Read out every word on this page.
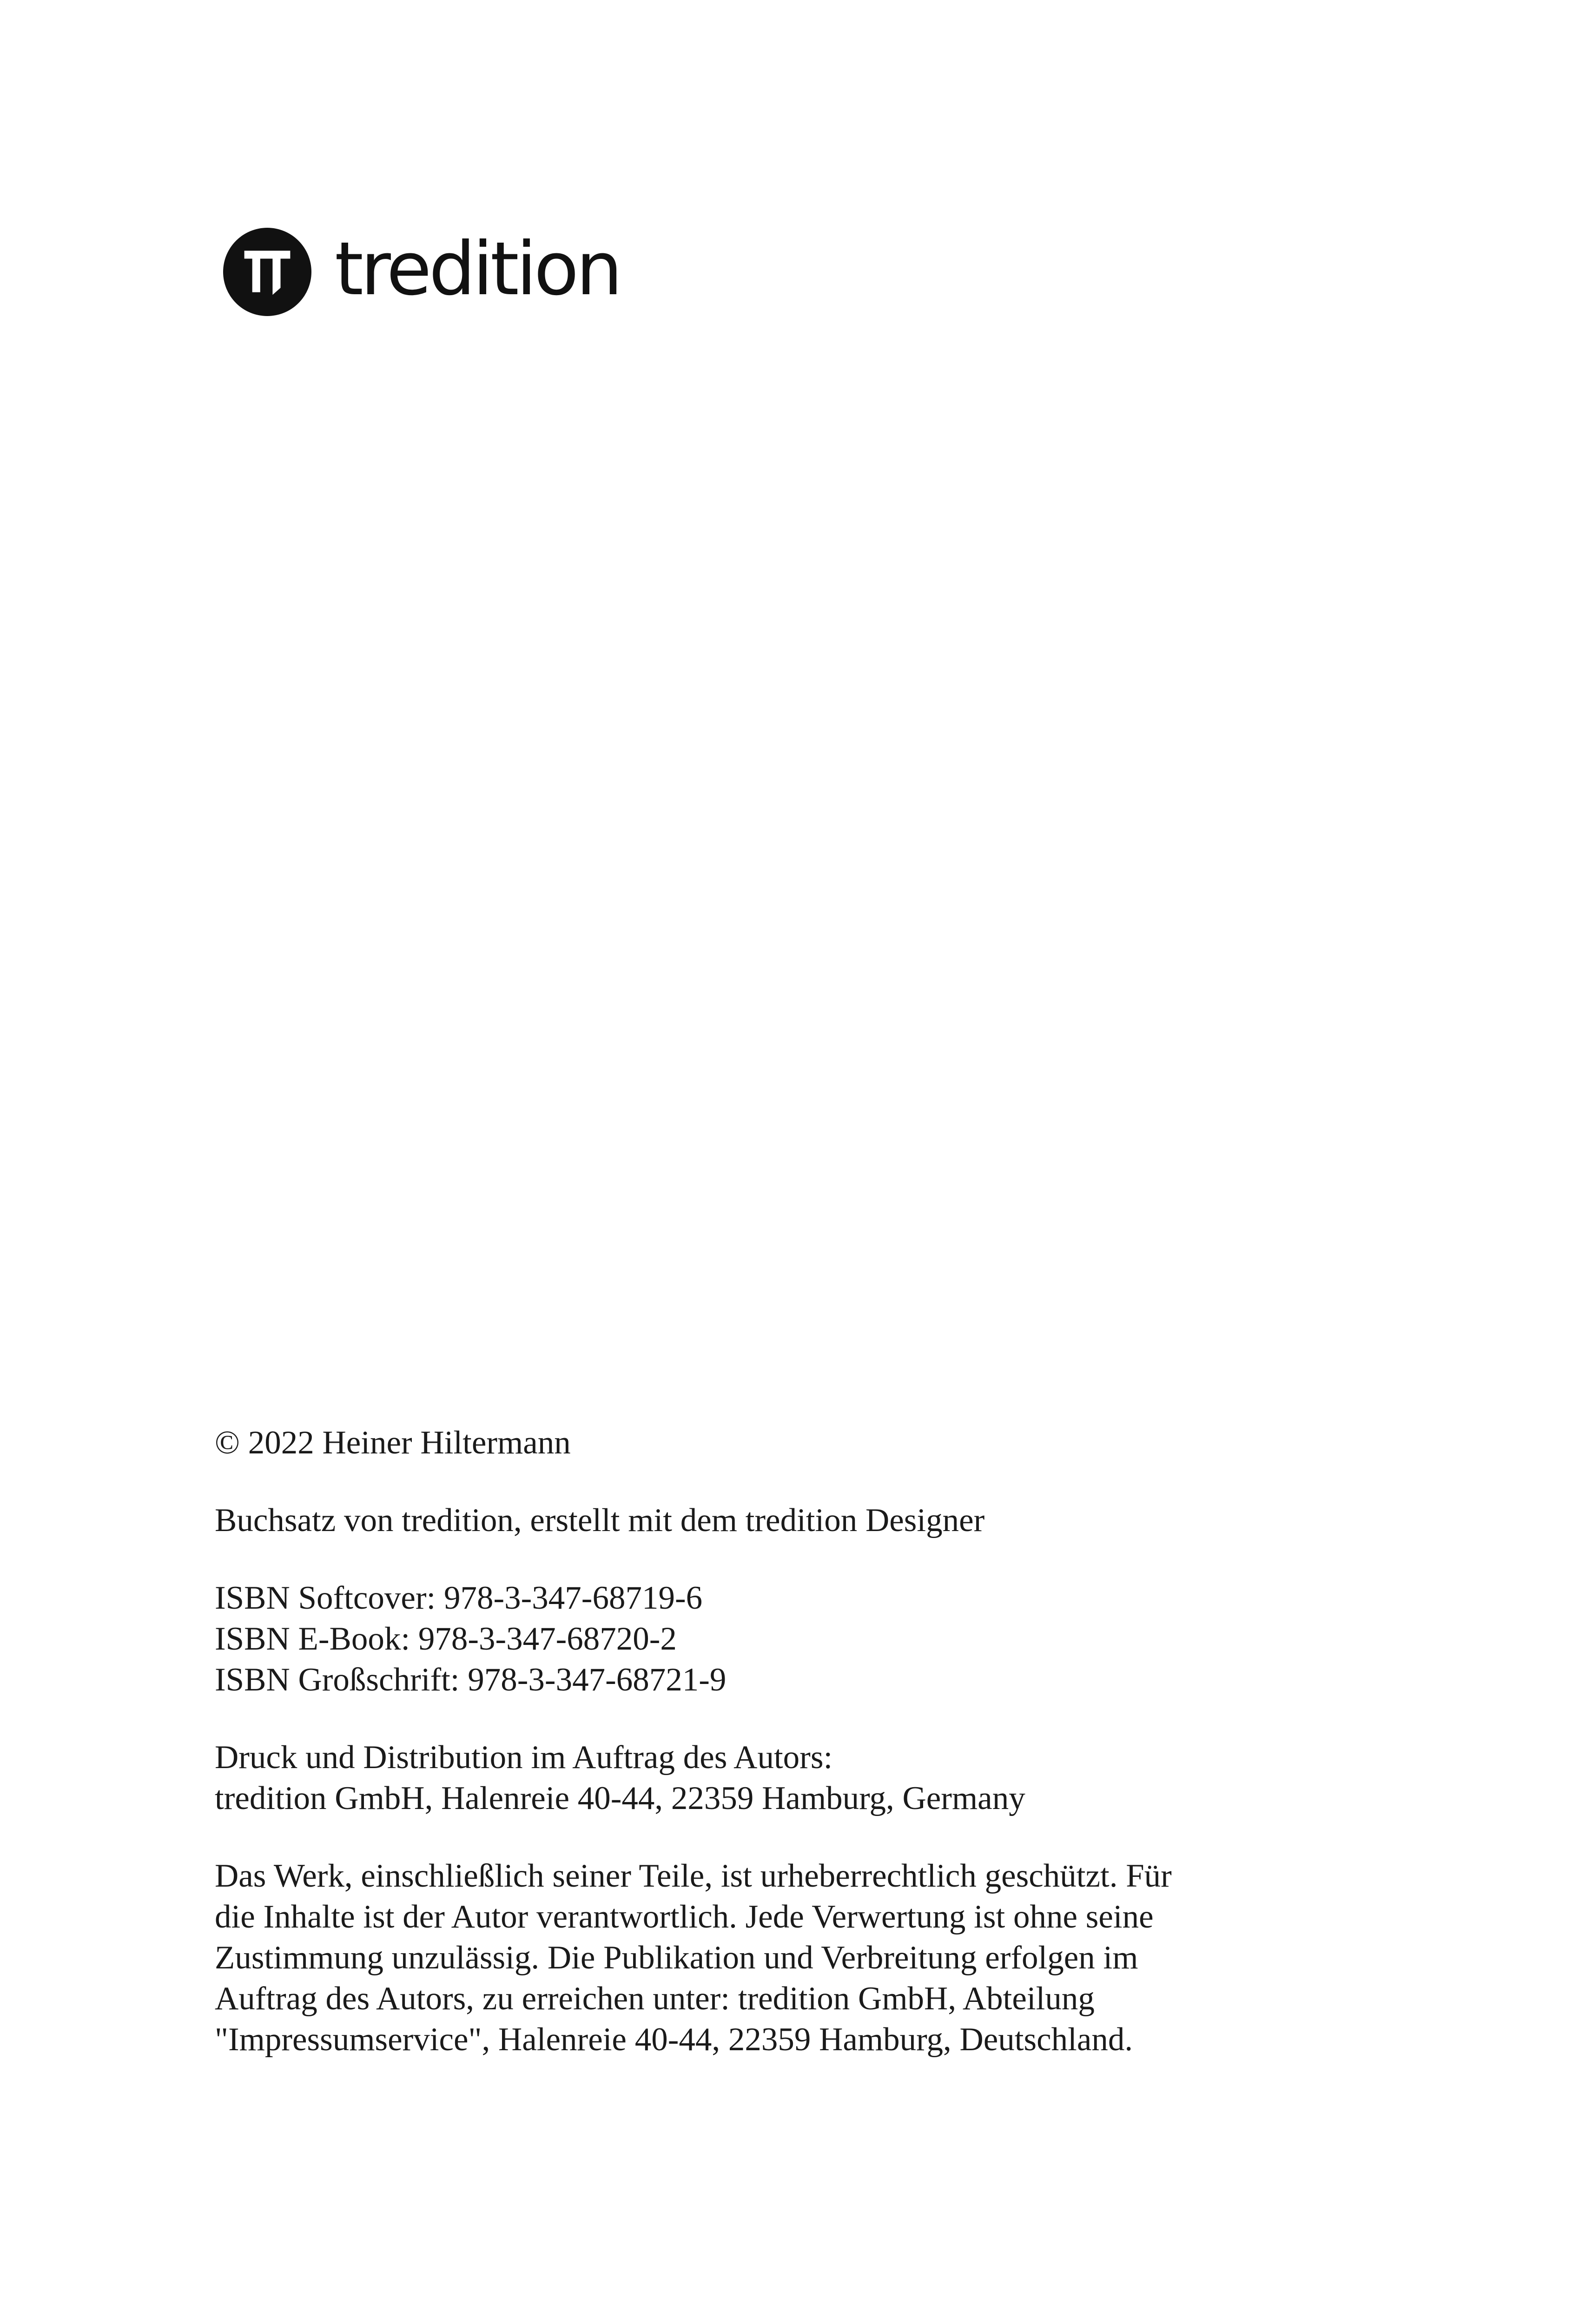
tredition

© 2022 Heiner Hiltermann

Buchsatz von tredition, erstellt mit dem tredition Designer

ISBN Softcover: 978-3-347-68719-6
ISBN E-Book: 978-3-347-68720-2
ISBN Großschrift: 978-3-347-68721-9

Druck und Distribution im Auftrag des Autors:
tredition GmbH, Halenreie 40-44, 22359 Hamburg, Germany

Das Werk, einschließlich seiner Teile, ist urheberrechtlich geschützt. Für
die Inhalte ist der Autor verantwortlich. Jede Verwertung ist ohne seine
Zustimmung unzulässig. Die Publikation und Verbreitung erfolgen im
Auftrag des Autors, zu erreichen unter: tredition GmbH, Abteilung
"Impressumservice", Halenreie 40-44, 22359 Hamburg, Deutschland.
